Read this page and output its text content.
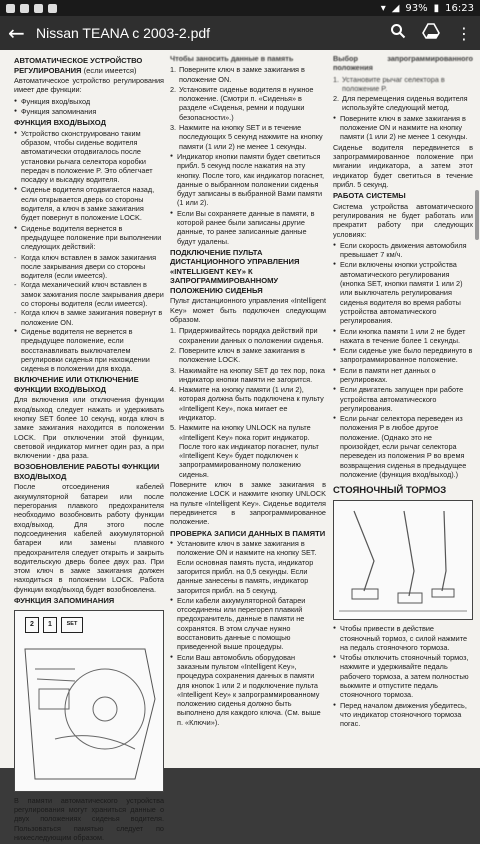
▾ ◢ 93% ▮ 16:23
← Nissan TEANA с 2003-2.pdf	⋮
АВТОМАТИЧЕСКОЕ УСТРОЙСТВО РЕГУЛИРОВАНИЯ (если имеется)
Автоматическое устройство регулирования имеет две функции:
● Функция вход/выход
● Функция запоминания
ФУНКЦИЯ ВХОД/ВЫХОД
● Устройство сконструировано таким образом, чтобы сиденье водителя автоматически отодвигалось после установки рычага селектора коробки передач в положение P. Это облегчает посадку и высадку водителя.
● Сиденье водителя отодвигается назад, если открывается дверь со стороны водителя, а ключ в замке зажигания будет повернут в положение LOCK.
● Сиденье водителя вернется в предыдущее положение при выполнении следующих действий:
- Когда ключ вставлен в замок зажигания после закрывания двери со стороны водителя (если имеется).
- Когда механический ключ вставлен в замок зажигания после закрывания двери со стороны водителя (если имеется).
- Когда ключ в замке зажигания повернут в положение ON.
● Сиденье водителя не вернется в предыдущее положение, если восстанавливать выключателем регулировки сиденья при нахождении сиденья в положении для входа.
ВКЛЮЧЕНИЕ ИЛИ ОТКЛЮЧЕНИЕ ФУНКЦИИ ВХОД/ВЫХОД
Для включения или отключения функции вход/выход следует нажать и удерживать кнопку SET более 10 секунд, когда ключ в замке зажигания находится в положении LOCK. При отключении этой функции, световой индикатор мигнет один раз, а при включении - два раза.
ВОЗОБНОВЛЕНИЕ РАБОТЫ ФУНКЦИИ ВХОД/ВЫХОД
После отсоединения кабелей аккумуляторной батареи или после перегорания плавкого предохранителя необходимо возобновить работу функции вход/выход. Для этого после подсоединения кабелей аккумуляторной батареи или замены плавкого предохранителя следует открыть и закрыть водительскую дверь более двух раз. При этом ключ в замке зажигания должен находиться в положении LOCK. Работа функции вход/выход будет возобновлена.
ФУНКЦИЯ ЗАПОМИНАНИЯ
2	1	SET
В памяти автоматического устройства регулирования могут храниться данные о двух положениях сиденья водителя. Пользоваться памятью следует по нижеследующим образом.
Чтобы заносить данные в память
1. Поверните ключ в замке зажигания в положение ON.
2. Установите сиденье водителя в нужное положение. (Смотри п. «Сиденья» в разделе «Сиденья, ремни и подушки безопасности».)
3. Нажмите на кнопку SET и в течение последующих 5 секунд нажмите на кнопку памяти (1 или 2) не менее 1 секунды.
● Индикатор кнопки памяти будет светиться прибл. 5 секунд после нажатия на эту кнопку. После того, как индикатор погаснет, данные о выбранном положении сиденья будут записаны в выбранной Вами памяти (1 или 2).
● Если Вы сохраняете данные в памяти, в которой ранее были записаны другие данные, то ранее записанные данные будут удалены.
ПОДКЛЮЧЕНИЕ ПУЛЬТА ДИСТАНЦИОННОГО УПРАВЛЕНИЯ «INTELLIGENT KEY» К ЗАПРОГРАММИРОВАННОМУ ПОЛОЖЕНИЮ СИДЕНЬЯ
Пульт дистанционного управления «Intelligent Key» может быть подключен следующим образом.
1. Придерживайтесь порядка действий при сохранении данных о положении сиденья.
2. Поверните ключ в замке зажигания в положение LOCK.
3. Нажимайте на кнопку SET до тех пор, пока индикатор кнопки памяти не загорится.
4. Нажмите на кнопку памяти (1 или 2), которая должна быть подключена к пульту «Intelligent Key», пока мигает ее индикатор.
5. Нажмите на кнопку UNLOCK на пульте «Intelligent Key» пока горит индикатор. После того как индикатор погаснет, пульт «Intelligent Key» будет подключен к запрограммированному положению сиденья.
Поверните ключ в замке зажигания в положение LOCK и нажмите кнопку UNLOCK на пульте «Intelligent Key». Сиденье водителя передвинется в запрограммированное положение.
ПРОВЕРКА ЗАПИСИ ДАННЫХ В ПАМЯТИ
● Установите ключ в замке зажигания в положение ON и нажмите на кнопку SET. Если основная память пуста, индикатор загорится прибл. на 0,5 секунды. Если данные занесены в память, индикатор загорится прибл. на 5 секунд.
● Если кабели аккумуляторной батареи отсоединены или перегорел плавкий предохранитель, данные в памяти не сохранятся. В этом случае нужно восстановить данные с помощью приведенной выше процедуры.
● Если Ваш автомобиль оборудован заказным пультом «Intelligent Key», процедура сохранения данных в памяти для кнопок 1 или 2 и подключение пульта «Intelligent Key» к запрограммированному положению сиденья должно быть выполнено для каждого ключа. (См. выше п. «Ключи»).
Выбор запрограммированного положения
1. Установите рычаг селектора в положение P.
2. Для перемещения сиденья водителя используйте следующий метод.
● Поверните ключ в замке зажигания в положение ON и нажмите на кнопку памяти (1 или 2) не менее 1 секунды.
Сиденье водителя передвинется в запрограммированное положение при мигании индикатора, а затем этот индикатор будет светиться в течение прибл. 5 секунд.
РАБОТА СИСТЕМЫ
Система устройства автоматического регулирования не будет работать или прекратит работу при следующих условиях:
● Если скорость движения автомобиля превышает 7 км/ч.
● Если включены кнопки устройства автоматического регулирования (кнопка SET, кнопки памяти 1 или 2) или выключатель регулирования сиденья водителя во время работы устройства автоматического регулирования.
● Если кнопка памяти 1 или 2 не будет нажата в течение более 1 секунды.
● Если сиденье уже было передвинуто в запрограммированное положение.
● Если в памяти нет данных о регулировках.
● Если двигатель запущен при работе устройства автоматического регулирования.
● Если рычаг селектора переведен из положения P в любое другое положение. (Однако это не произойдет, если рычаг селектора переведен из положения P во время возвращения сиденья в предыдущее положение (функция вход/выход).)
СТОЯНОЧНЫЙ ТОРМОЗ
● Чтобы привести в действие стояночный тормоз, с силой нажмите на педаль стояночного тормоза.
● Чтобы отключить стояночный тормоз, нажмите и удерживайте педаль рабочего тормоза, а затем полностью выжмите и отпустите педаль стояночного тормоза.
● Перед началом движения убедитесь, что индикатор стояночного тормоза погас.
